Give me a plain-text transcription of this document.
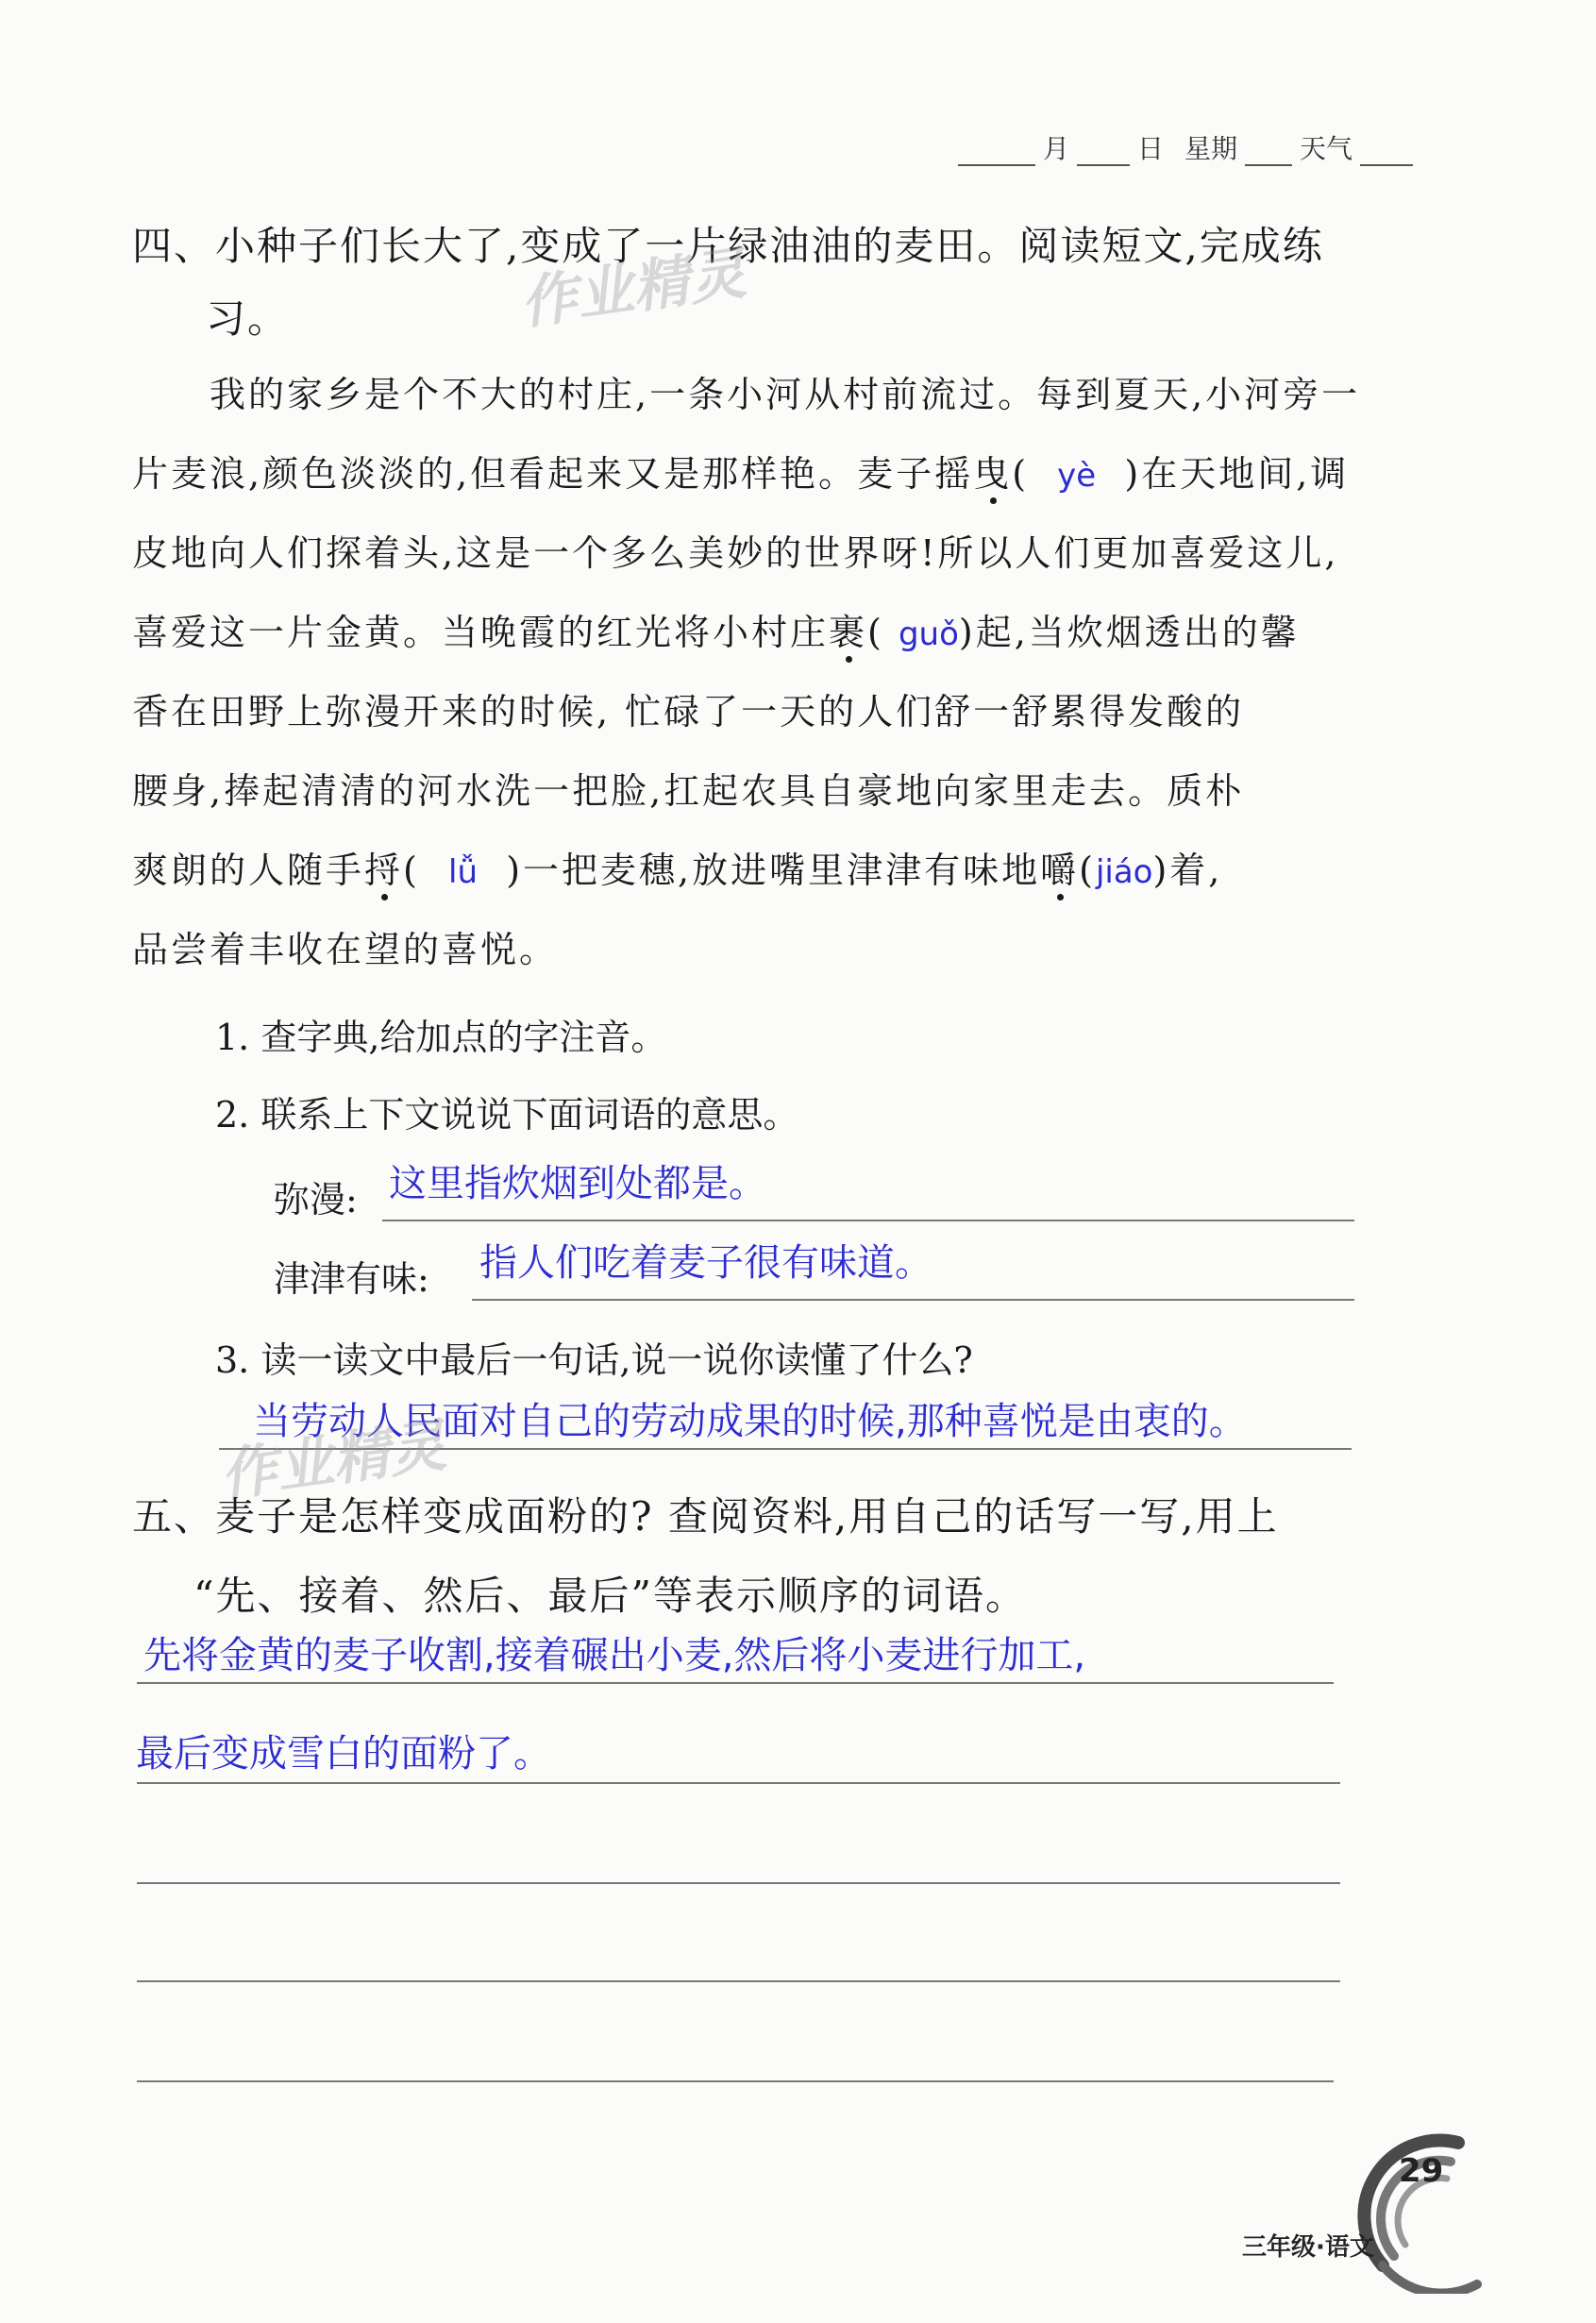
月	日 星期 天气
四、小种子们长大了,变成了一片绿油油的麦田。阅读短文,完成练
习。	作业精灵
我的家乡是个不大的村庄,一条小河从村前流过。每到夏天,小河旁一
片麦浪,颜色淡淡的,但看起来又是那样艳。麦子摇曳(  yè )在天地间,调
皮地向人们探着头,这是一个多么美妙的世界呀!所以人们更加喜爱这儿,
喜爱这一片金黄。当晚霞的红光将小村庄裹( guǒ)起,当炊烟透出的馨
香在田野上弥漫开来的时候, 忙碌了一天的人们舒一舒累得发酸的
腰身,捧起清清的河水洗一把脸,扛起农具自豪地向家里走去。质朴
爽朗的人随手捋(  lǚ )一把麦穗,放进嘴里津津有味地嚼(jiáo)着,
品尝着丰收在望的喜悦。
1. 查字典,给加点的字注音。
2. 联系上下文说说下面词语的意思。
弥漫: 这里指炊烟到处都是。
津津有味: 指人们吃着麦子很有味道。
3. 读一读文中最后一句话,说一说你读懂了什么?
当劳动人民面对自己的劳动成果的时候,那种喜悦是由衷的。
作业精灵
五、麦子是怎样变成面粉的? 查阅资料,用自己的话写一写,用上
“先、接着、然后、最后”等表示顺序的词语。
先将金黄的麦子收割,接着碾出小麦,然后将小麦进行加工,
最后变成雪白的面粉了。
29
三年级·语文
